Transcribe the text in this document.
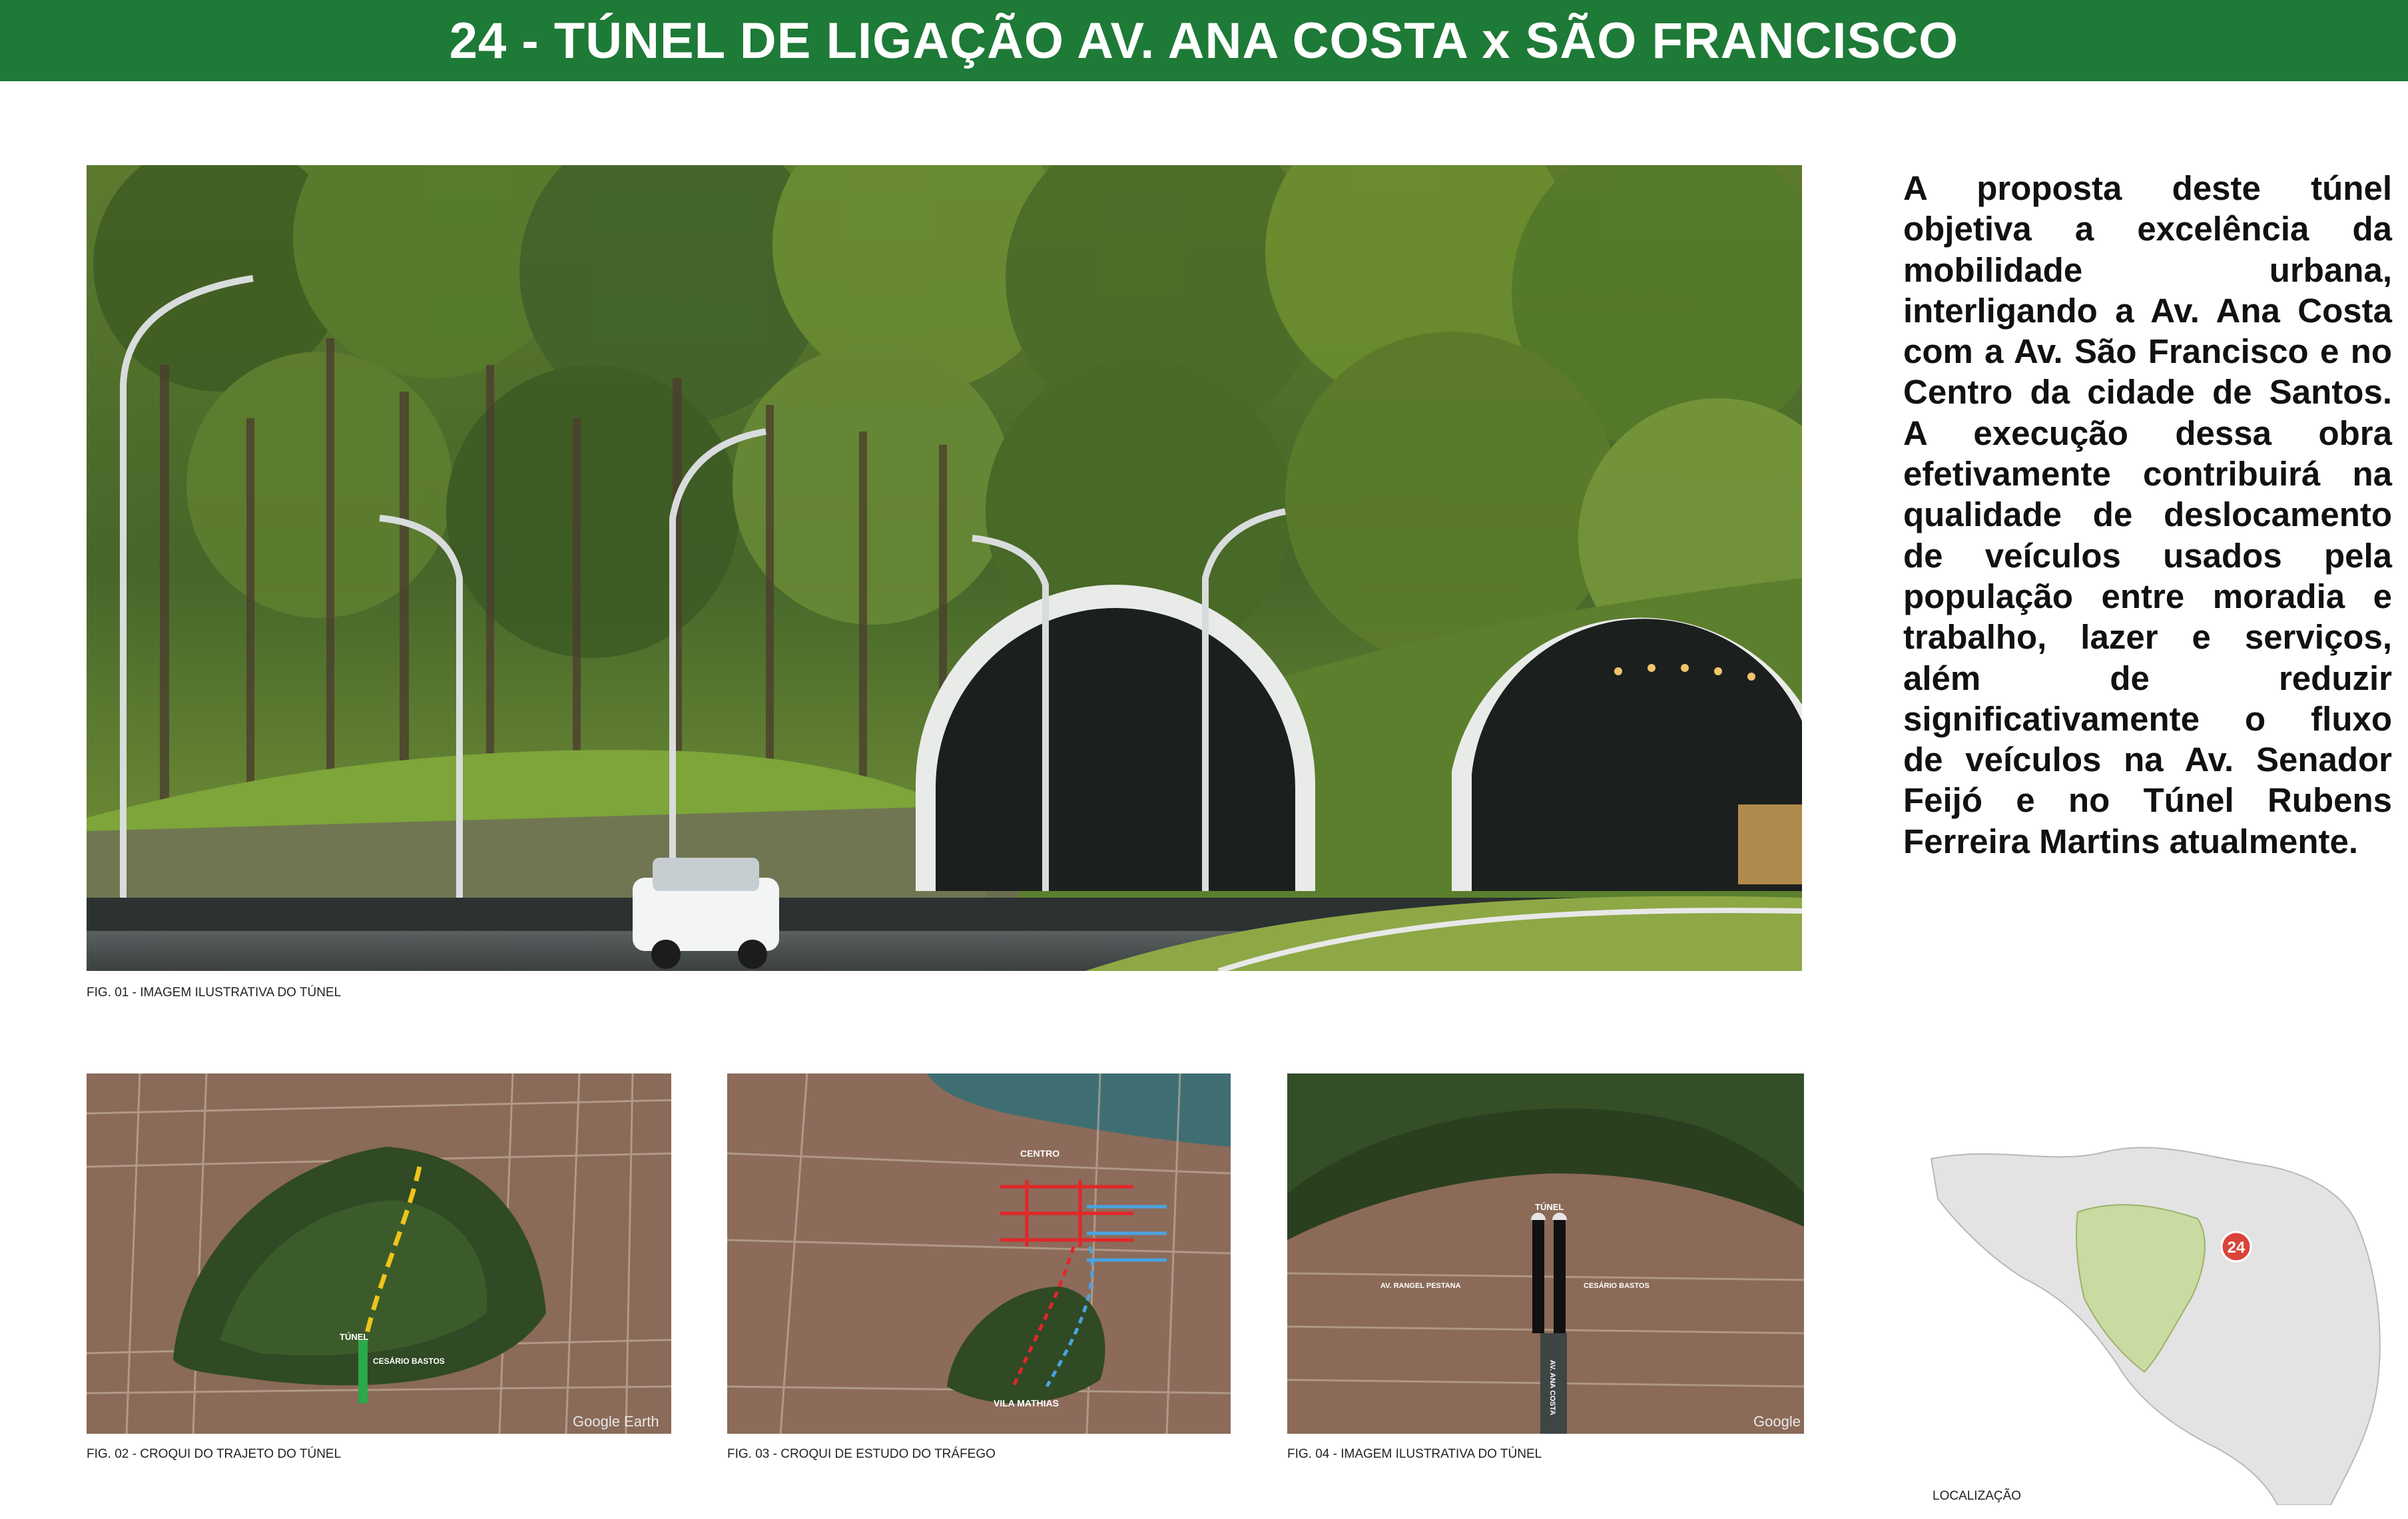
24 - TÚNEL DE LIGAÇÃO AV. ANA COSTA x SÃO FRANCISCO
FIG. 01 - IMAGEM ILUSTRATIVA DO TÚNEL
A proposta deste túnel
objetiva a excelência da
mobilidade urbana,
interligando a Av. Ana Costa
com a Av. São Francisco e no
Centro da cidade de Santos.
A execução dessa obra
efetivamente contribuirá na
qualidade de deslocamento
de veículos usados pela
população entre moradia e
trabalho, lazer e serviços,
além de reduzir
significativamente o fluxo
de veículos na Av. Senador
Feijó e no Túnel Rubens
Ferreira Martins atualmente.
TÚNEL
CESÁRIO BASTOS
Google Earth
FIG. 02 - CROQUI DO TRAJETO DO TÚNEL
CENTRO
VILA MATHIAS
FIG. 03 - CROQUI DE ESTUDO DO TRÁFEGO
TÚNEL
AV. RANGEL PESTANA	CESÁRIO BASTOS
AV. ANA COSTA
Google
FIG. 04 - IMAGEM ILUSTRATIVA DO TÚNEL
24
LOCALIZAÇÃO
